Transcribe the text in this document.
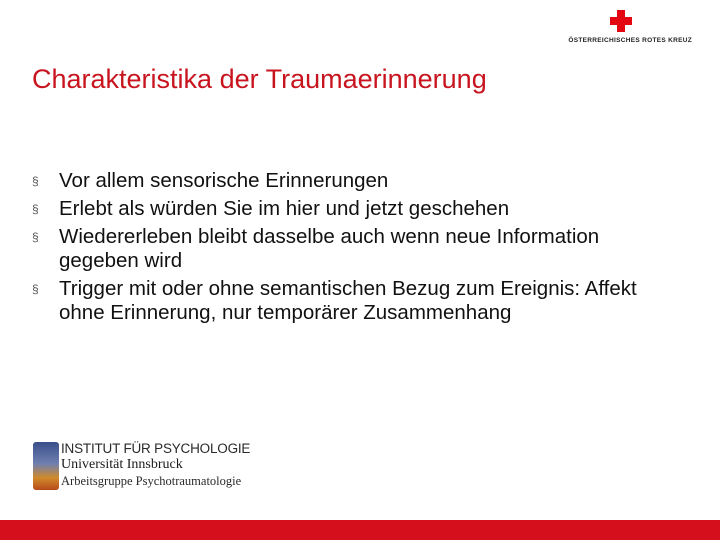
ÖSTERREICHISCHES ROTES KREUZ
Charakteristika der Traumaerinnerung
§ Vor allem sensorische Erinnerungen
§ Erlebt als würden Sie im hier und jetzt geschehen
§ Wiedererleben bleibt dasselbe auch wenn neue Information gegeben wird
§ Trigger mit oder ohne semantischen Bezug zum Ereignis: Affekt ohne Erinnerung, nur temporärer Zusammenhang
INSTITUT FÜR PSYCHOLOGIE
Universität Innsbruck
Arbeitsgruppe Psychotraumatologie
